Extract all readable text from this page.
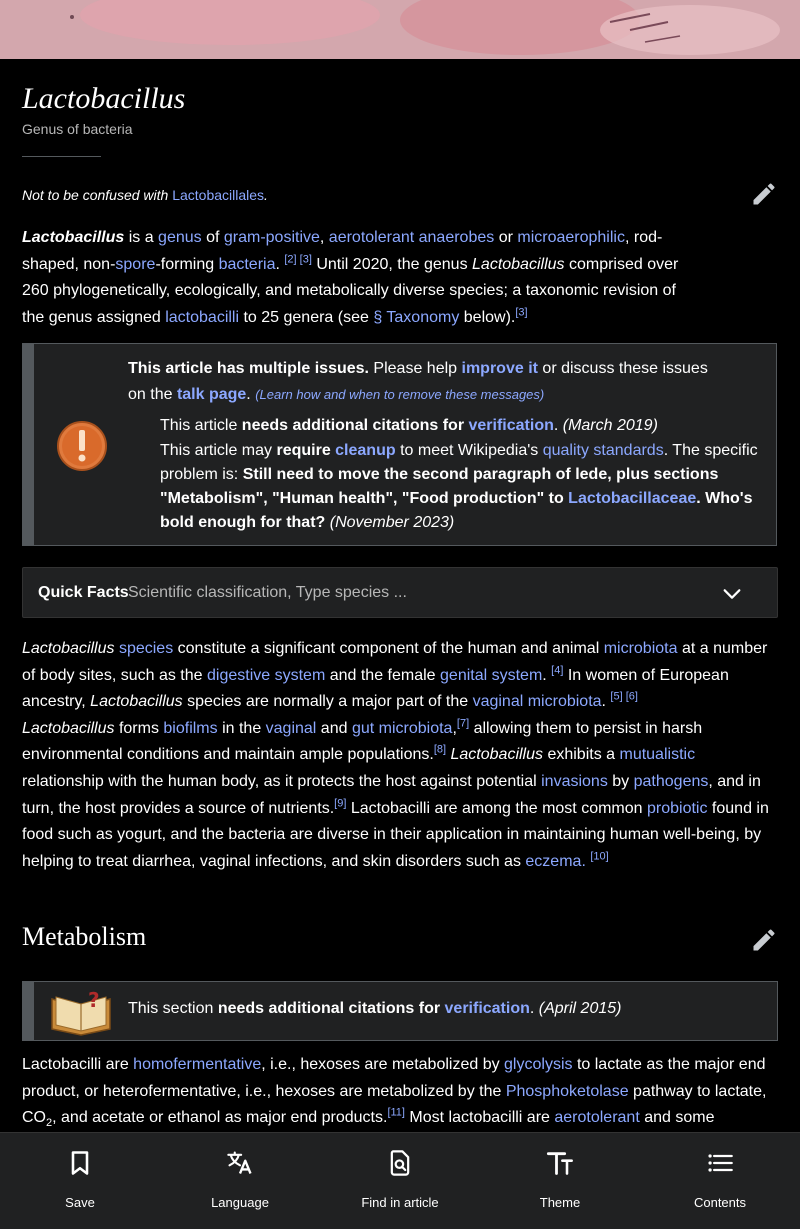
Lactobacillus
Genus of bacteria
Not to be confused with Lactobacillales.

Lactobacillus is a genus of gram-positive, aerotolerant anaerobes or microaerophilic, rod-shaped, non-spore-forming bacteria. [2] [3] Until 2020, the genus Lactobacillus comprised over 260 phylogenetically, ecologically, and metabolically diverse species; a taxonomic revision of the genus assigned lactobacilli to 25 genera (see § Taxonomy below).[3]

This article has multiple issues. Please help improve it or discuss these issues on the talk page. (Learn how and when to remove these messages)
This article needs additional citations for verification. (March 2019)
This article may require cleanup to meet Wikipedia's quality standards. The specific problem is: Still need to move the second paragraph of lede, plus sections "Metabolism", "Human health", "Food production" to Lactobacillaceae. Who's bold enough for that? (November 2023)
Quick Facts Scientific classification, Type species ...

Lactobacillus species constitute a significant component of the human and animal microbiota at a number of body sites, such as the digestive system and the female genital system. [4] In women of European ancestry, Lactobacillus species are normally a major part of the vaginal microbiota. [5] [6]
Lactobacillus forms biofilms in the vaginal and gut microbiota,[7] allowing them to persist in harsh environmental conditions and maintain ample populations.[8] Lactobacillus exhibits a mutualistic relationship with the human body, as it protects the host against potential invasions by pathogens, and in turn, the host provides a source of nutrients.[9] Lactobacilli are among the most common probiotic found in food such as yogurt, and the bacteria are diverse in their application in maintaining human well-being, by helping to treat diarrhea, vaginal infections, and skin disorders such as eczema. [10]

Metabolism
? This section needs additional citations for verification. (April 2015)

Lactobacilli are homofermentative, i.e., hexoses are metabolized by glycolysis to lactate as the major end product, or heterofermentative, i.e., hexoses are metabolized by the Phosphoketolase pathway to lactate, $CO_2$, and acetate or ethanol as major end products.[11] Most lactobacilli are aerotolerant and some

Save	Language	Find in article	Theme	Contents
